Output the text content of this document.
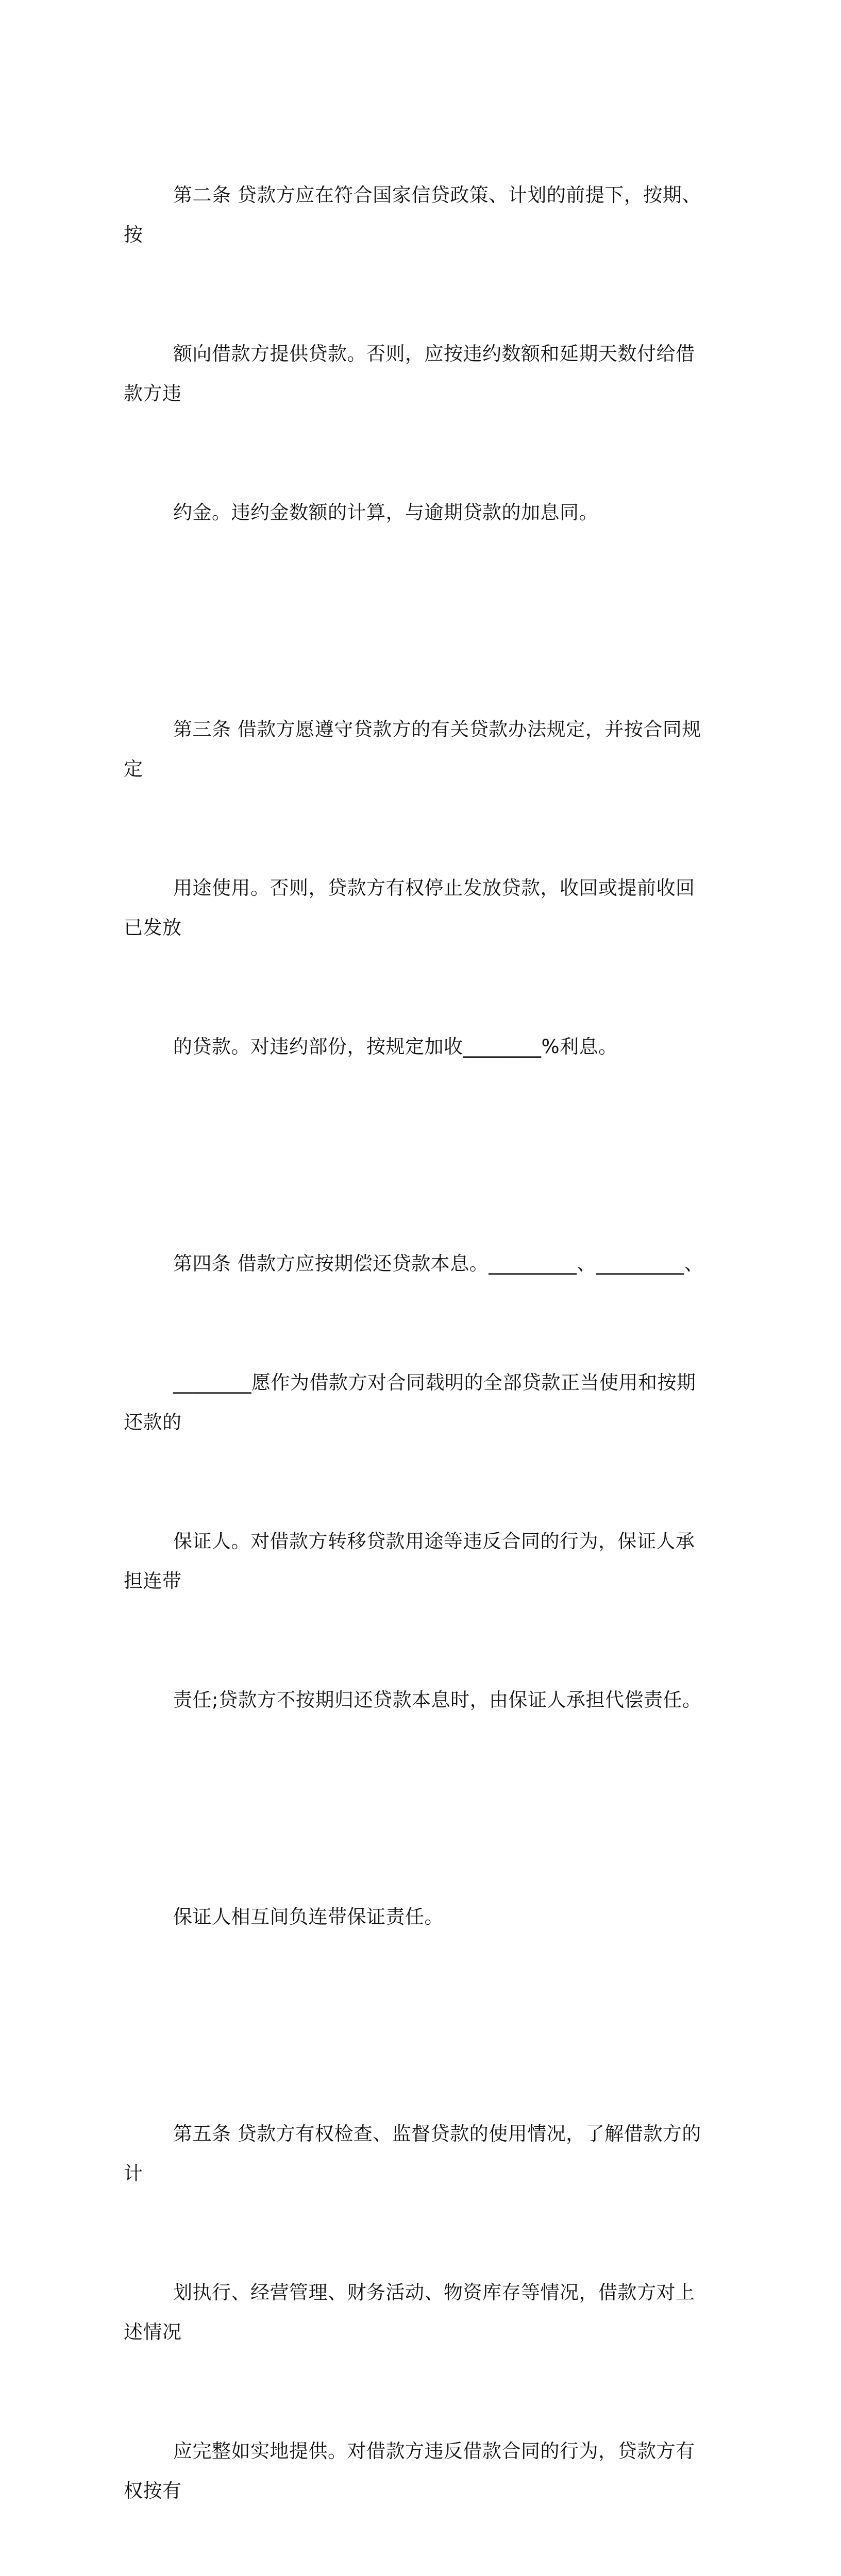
第二条 贷款方应在符合国家信贷政策、计划的前提下，按期、按

额向借款方提供贷款。否则，应按违约数额和延期天数付给借款方违

约金。违约金数额的计算，与逾期贷款的加息同。

第三条 借款方愿遵守贷款方的有关贷款办法规定，并按合同规定

用途使用。否则，贷款方有权停止发放贷款，收回或提前收回已发放

的贷款。对违约部份，按规定加收________%利息。

第四条 借款方应按期偿还贷款本息。_________、_________、

________愿作为借款方对合同载明的全部贷款正当使用和按期还款的

保证人。对借款方转移贷款用途等违反合同的行为，保证人承担连带

责任;贷款方不按期归还贷款本息时，由保证人承担代偿责任。

保证人相互间负连带保证责任。

第五条 贷款方有权检查、监督贷款的使用情况，了解借款方的计

划执行、经营管理、财务活动、物资库存等情况，借款方对上述情况

应完整如实地提供。对借款方违反借款合同的行为，贷款方有权按有
